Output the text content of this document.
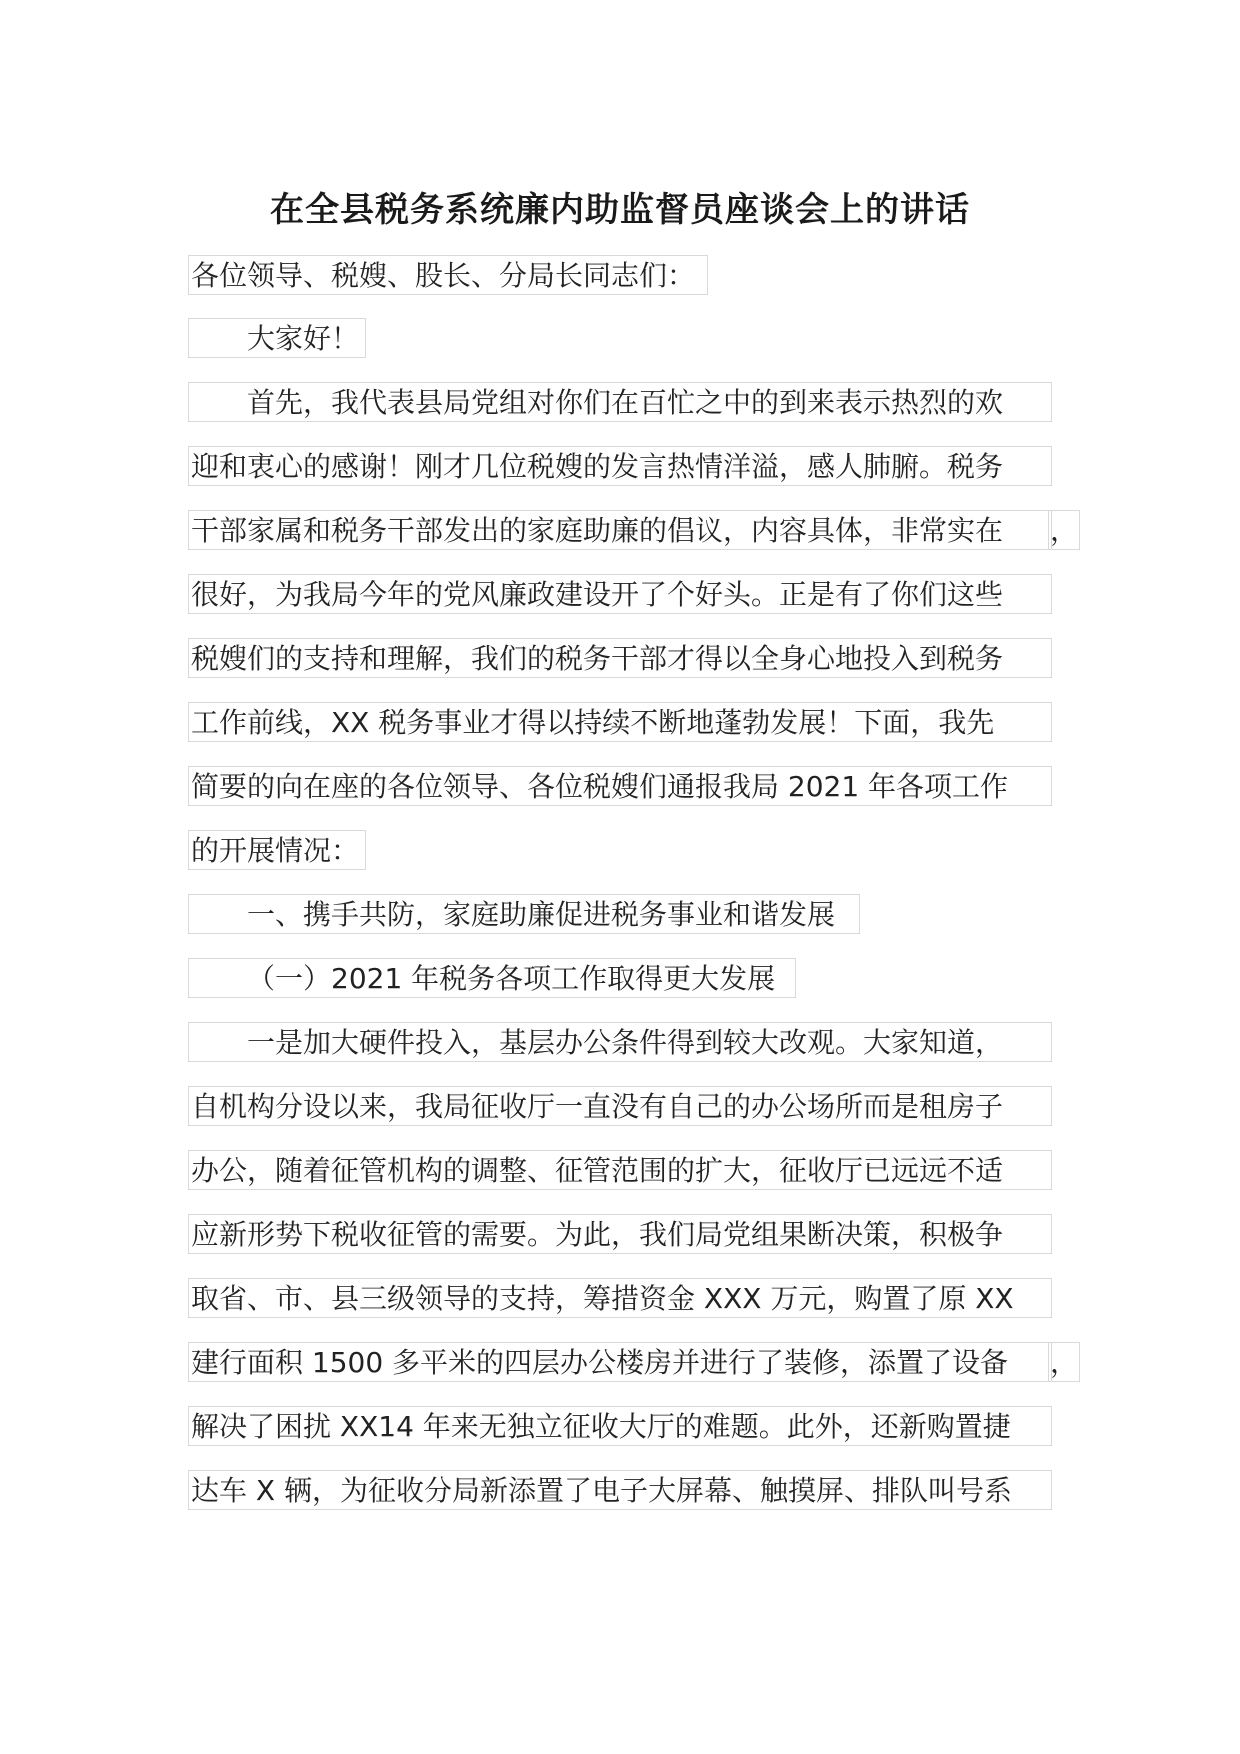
在全县税务系统廉内助监督员座谈会上的讲话
各位领导、税嫂、股长、分局长同志们：
大家好！
首先，我代表县局党组对你们在百忙之中的到来表示热烈的欢
迎和衷心的感谢！刚才几位税嫂的发言热情洋溢，感人肺腑。税务
干部家属和税务干部发出的家庭助廉的倡议，内容具体，非常实在	，
很好，为我局今年的党风廉政建设开了个好头。正是有了你们这些
税嫂们的支持和理解，我们的税务干部才得以全身心地投入到税务
工作前线，XX 税务事业才得以持续不断地蓬勃发展！下面，我先
简要的向在座的各位领导、各位税嫂们通报我局 2021 年各项工作
的开展情况：
一、携手共防，家庭助廉促进税务事业和谐发展
（一）2021 年税务各项工作取得更大发展
一是加大硬件投入，基层办公条件得到较大改观。大家知道，
自机构分设以来，我局征收厅一直没有自己的办公场所而是租房子
办公，随着征管机构的调整、征管范围的扩大，征收厅已远远不适
应新形势下税收征管的需要。为此，我们局党组果断决策，积极争
取省、市、县三级领导的支持，筹措资金 XXX 万元，购置了原 XX
建行面积 1500 多平米的四层办公楼房并进行了装修，添置了设备	，
解决了困扰 XX14 年来无独立征收大厅的难题。此外，还新购置捷
达车 X 辆，为征收分局新添置了电子大屏幕、触摸屏、排队叫号系
